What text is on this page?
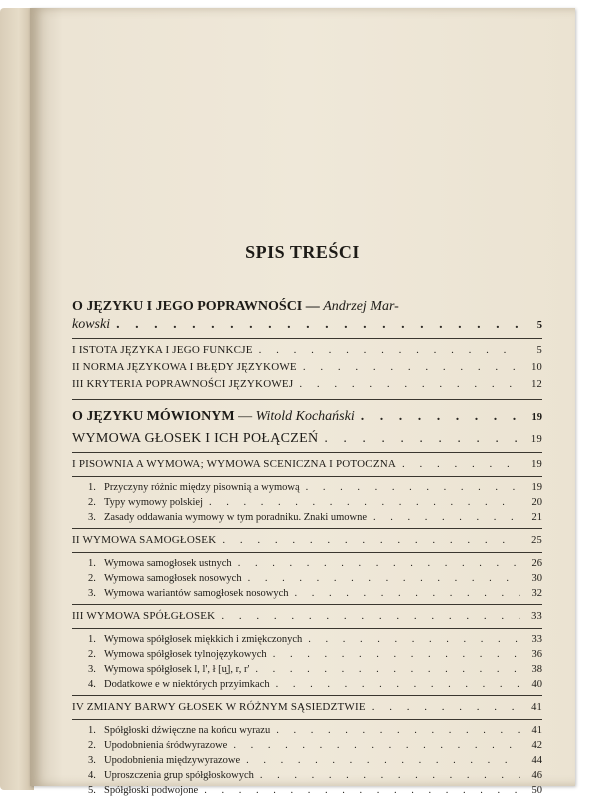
SPIS TREŚCI
O JĘZYKU I JEGO POPRAWNOŚCI — Andrzej Mar-
kowski . . .	5
I ISTOTA JĘZYKA I JEGO FUNKCJE . . .	5
II NORMA JĘZYKOWA I BŁĘDY JĘZYKOWE . . .	10
III KRYTERIA POPRAWNOŚCI JĘZYKOWEJ . . .	12
O JĘZYKU MÓWIONYM — Witold Kochański . . .	19
WYMOWA GŁOSEK I ICH POŁĄCZEŃ . . .	19
I PISOWNIA A WYMOWA; WYMOWA SCENICZNA I POTOCZNA . . .	19
1. Przyczyny różnic między pisownią a wymową . . .	19
2. Typy wymowy polskiej . . .	20
3. Zasady oddawania wymowy w tym poradniku. Znaki umowne . . .	21
II WYMOWA SAMOGŁOSEK . . .	25
1. Wymowa samogłosek ustnych . . .	26
2. Wymowa samogłosek nosowych . . .	30
3. Wymowa wariantów samogłosek nosowych . . .	32
III WYMOWA SPÓŁGŁOSEK . . .	33
1. Wymowa spółgłosek miękkich i zmiękczonych . . .	33
2. Wymowa spółgłosek tylnojęzykowych . . .	36
3. Wymowa spółgłosek l, l', ł [u̯], r, r' . . .	38
4. Dodatkowe e w niektórych przyimkach . . .	40
IV ZMIANY BARWY GŁOSEK W RÓŻNYM SĄSIEDZTWIE . . .	41
1. Spółgłoski dźwięczne na końcu wyrazu . . .	41
2. Upodobnienia śródwyrazowe . . .	42
3. Upodobnienia międzywyrazowe . . .	44
4. Uproszczenia grup spółgłoskowych . . .	46
5. Spółgłoski podwojone . . .	50
